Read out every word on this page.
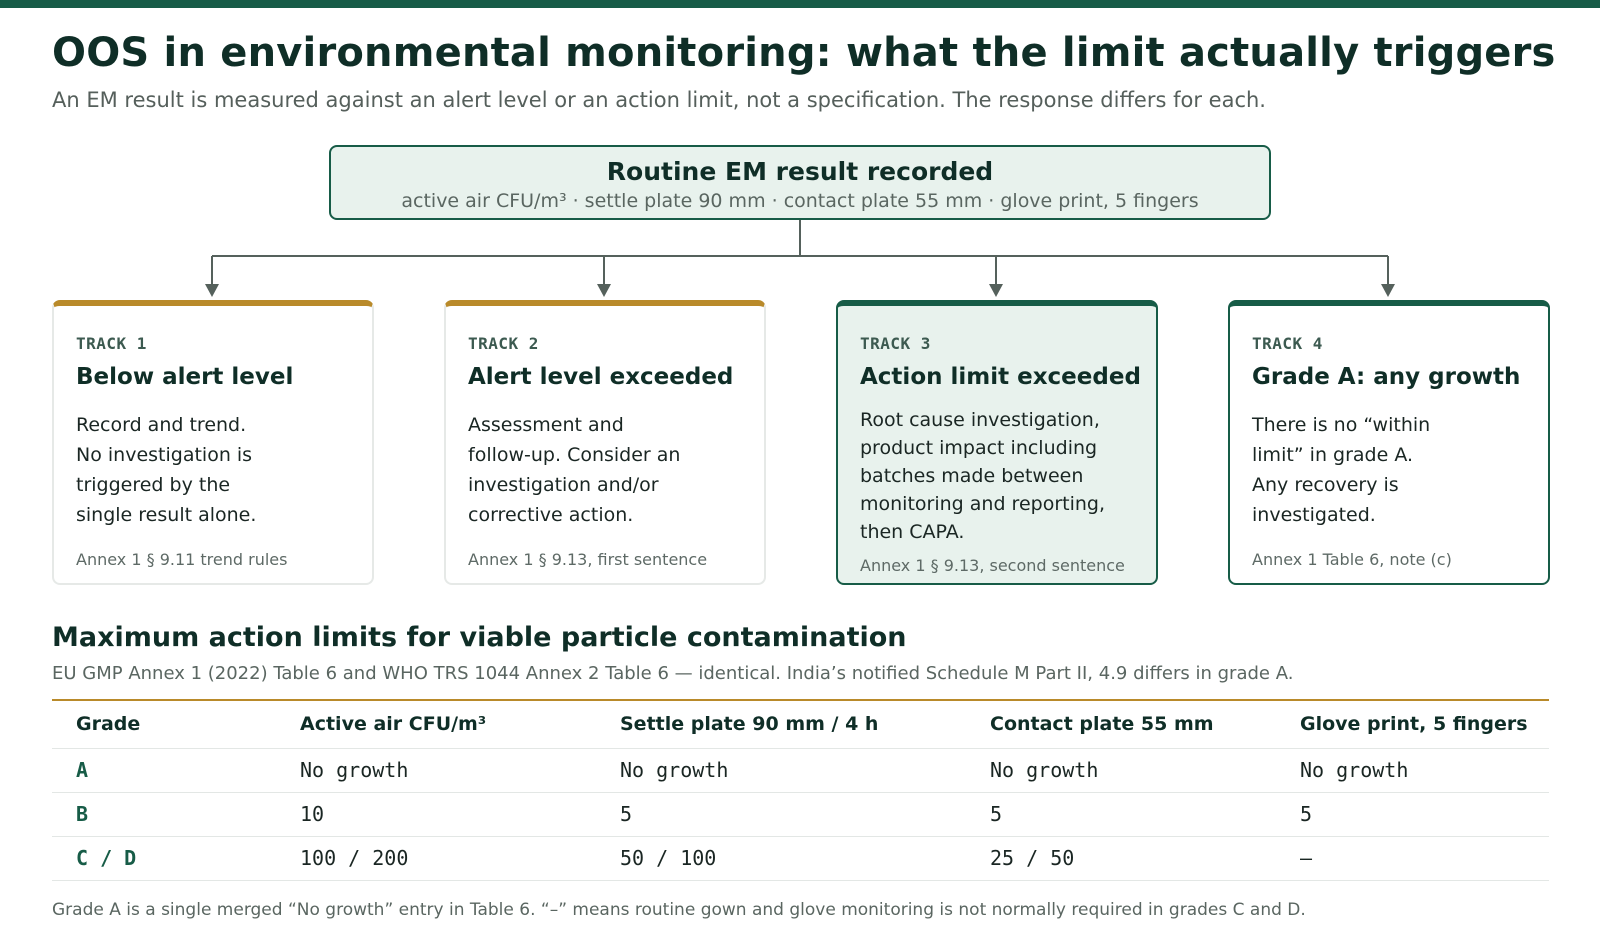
OOS in environmental monitoring: what the limit actually triggers

An EM result is measured against an alert level or an action limit, not a specification. The response differs for each.

Routine EM result recorded
active air CFU/m³ · settle plate 90 mm · contact plate 55 mm · glove print, 5 fingers
TRACK 1
Below alert level
Record and trend.
No investigation is
triggered by the
single result alone.
Annex 1 § 9.11 trend rules
TRACK 2
Alert level exceeded
Assessment and
follow-up. Consider an
investigation and/or
corrective action.
Annex 1 § 9.13, first sentence
TRACK 3
Action limit exceeded
Root cause investigation,
product impact including
batches made between
monitoring and reporting,
then CAPA.
Annex 1 § 9.13, second sentence
TRACK 4
Grade A: any growth
There is no “within
limit” in grade A.
Any recovery is
investigated.
Annex 1 Table 6, note (c)
Maximum action limits for viable particle contamination

EU GMP Annex 1 (2022) Table 6 and WHO TRS 1044 Annex 2 Table 6 — identical. India’s notified Schedule M Part II, 4.9 differs in grade A.

Grade	Active air CFU/m³	Settle plate 90 mm / 4 h	Contact plate 55 mm	Glove print, 5 fingers
A	No growth	No growth	No growth	No growth
B	10	5	5	5
C / D	100 / 200	50 / 100	25 / 50	–

Grade A is a single merged “No growth” entry in Table 6. “–” means routine gown and glove monitoring is not normally required in grades C and D.
